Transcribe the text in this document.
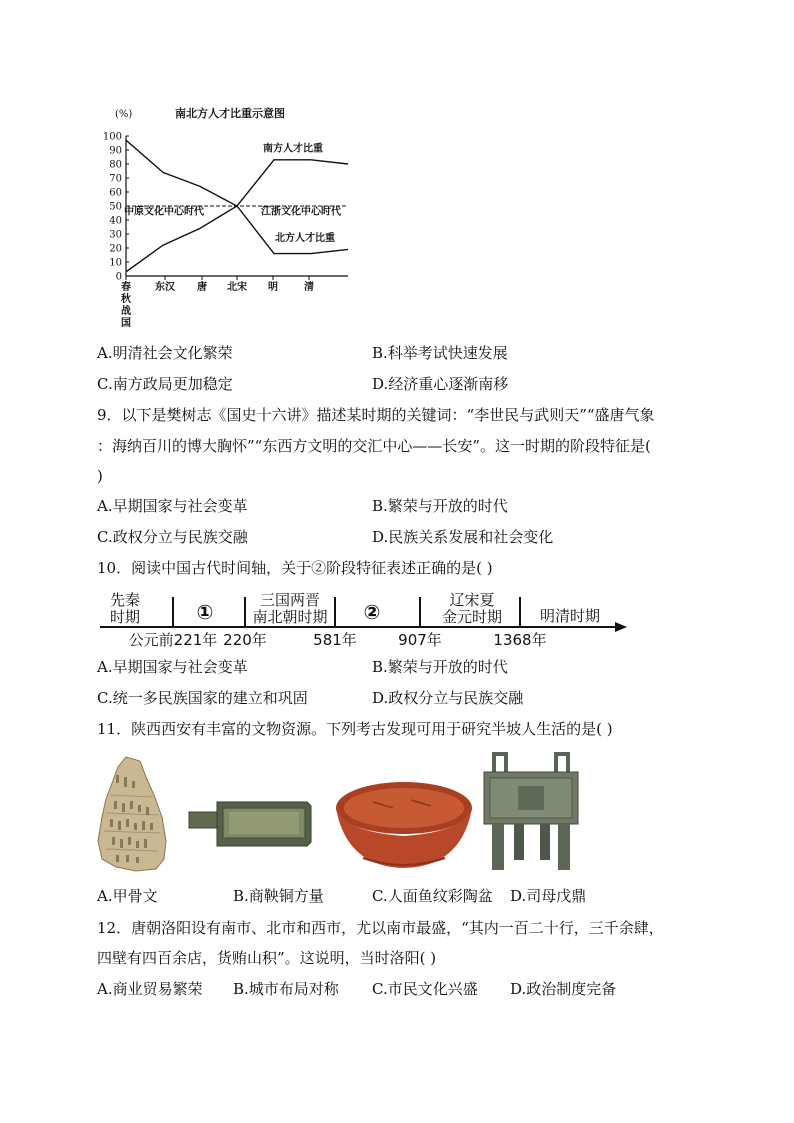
(%)	南北方人才比重示意图
0
10
20
30
40
50
60
70
80
90
100
春
秋
战
国
东汉 唐 北宋 明	清
南方人才比重
北方人才比重
中原文化中心时代	江浙文化中心时代
A.明清社会文化繁荣	B.科举考试快速发展
C.南方政局更加稳定	D.经济重心逐渐南移
9．以下是樊树志《国史十六讲》描述某时期的关键词：“李世民与武则天”“盛唐气象
：海纳百川的博大胸怀”“东西方文明的交汇中心——长安”。这一时期的阶段特征是(
)
A.早期国家与社会变革	B.繁荣与开放的时代
C.政权分立与民族交融	D.民族关系发展和社会变化
10．阅读中国古代时间轴，关于②阶段特征表述正确的是( )
先秦
时期	①	三国两晋
南北朝时期 ②	辽宋夏
金元时期	明清时期
公元前221年 220年	581年	907年	1368年
A.早期国家与社会变革	B.繁荣与开放的时代
C.统一多民族国家的建立和巩固	D.政权分立与民族交融
11．陕西西安有丰富的文物资源。下列考古发现可用于研究半坡人生活的是( )
A.甲骨文	B.商鞅铜方量	C.人面鱼纹彩陶盆 D.司母戊鼎
12．唐朝洛阳设有南市、北市和西市，尤以南市最盛，“其内一百二十行，三千余肆，
四壁有四百余店，货贿山积”。这说明，当时洛阳( )
A.商业贸易繁荣 B.城市布局对称 C.市民文化兴盛 D.政治制度完备
